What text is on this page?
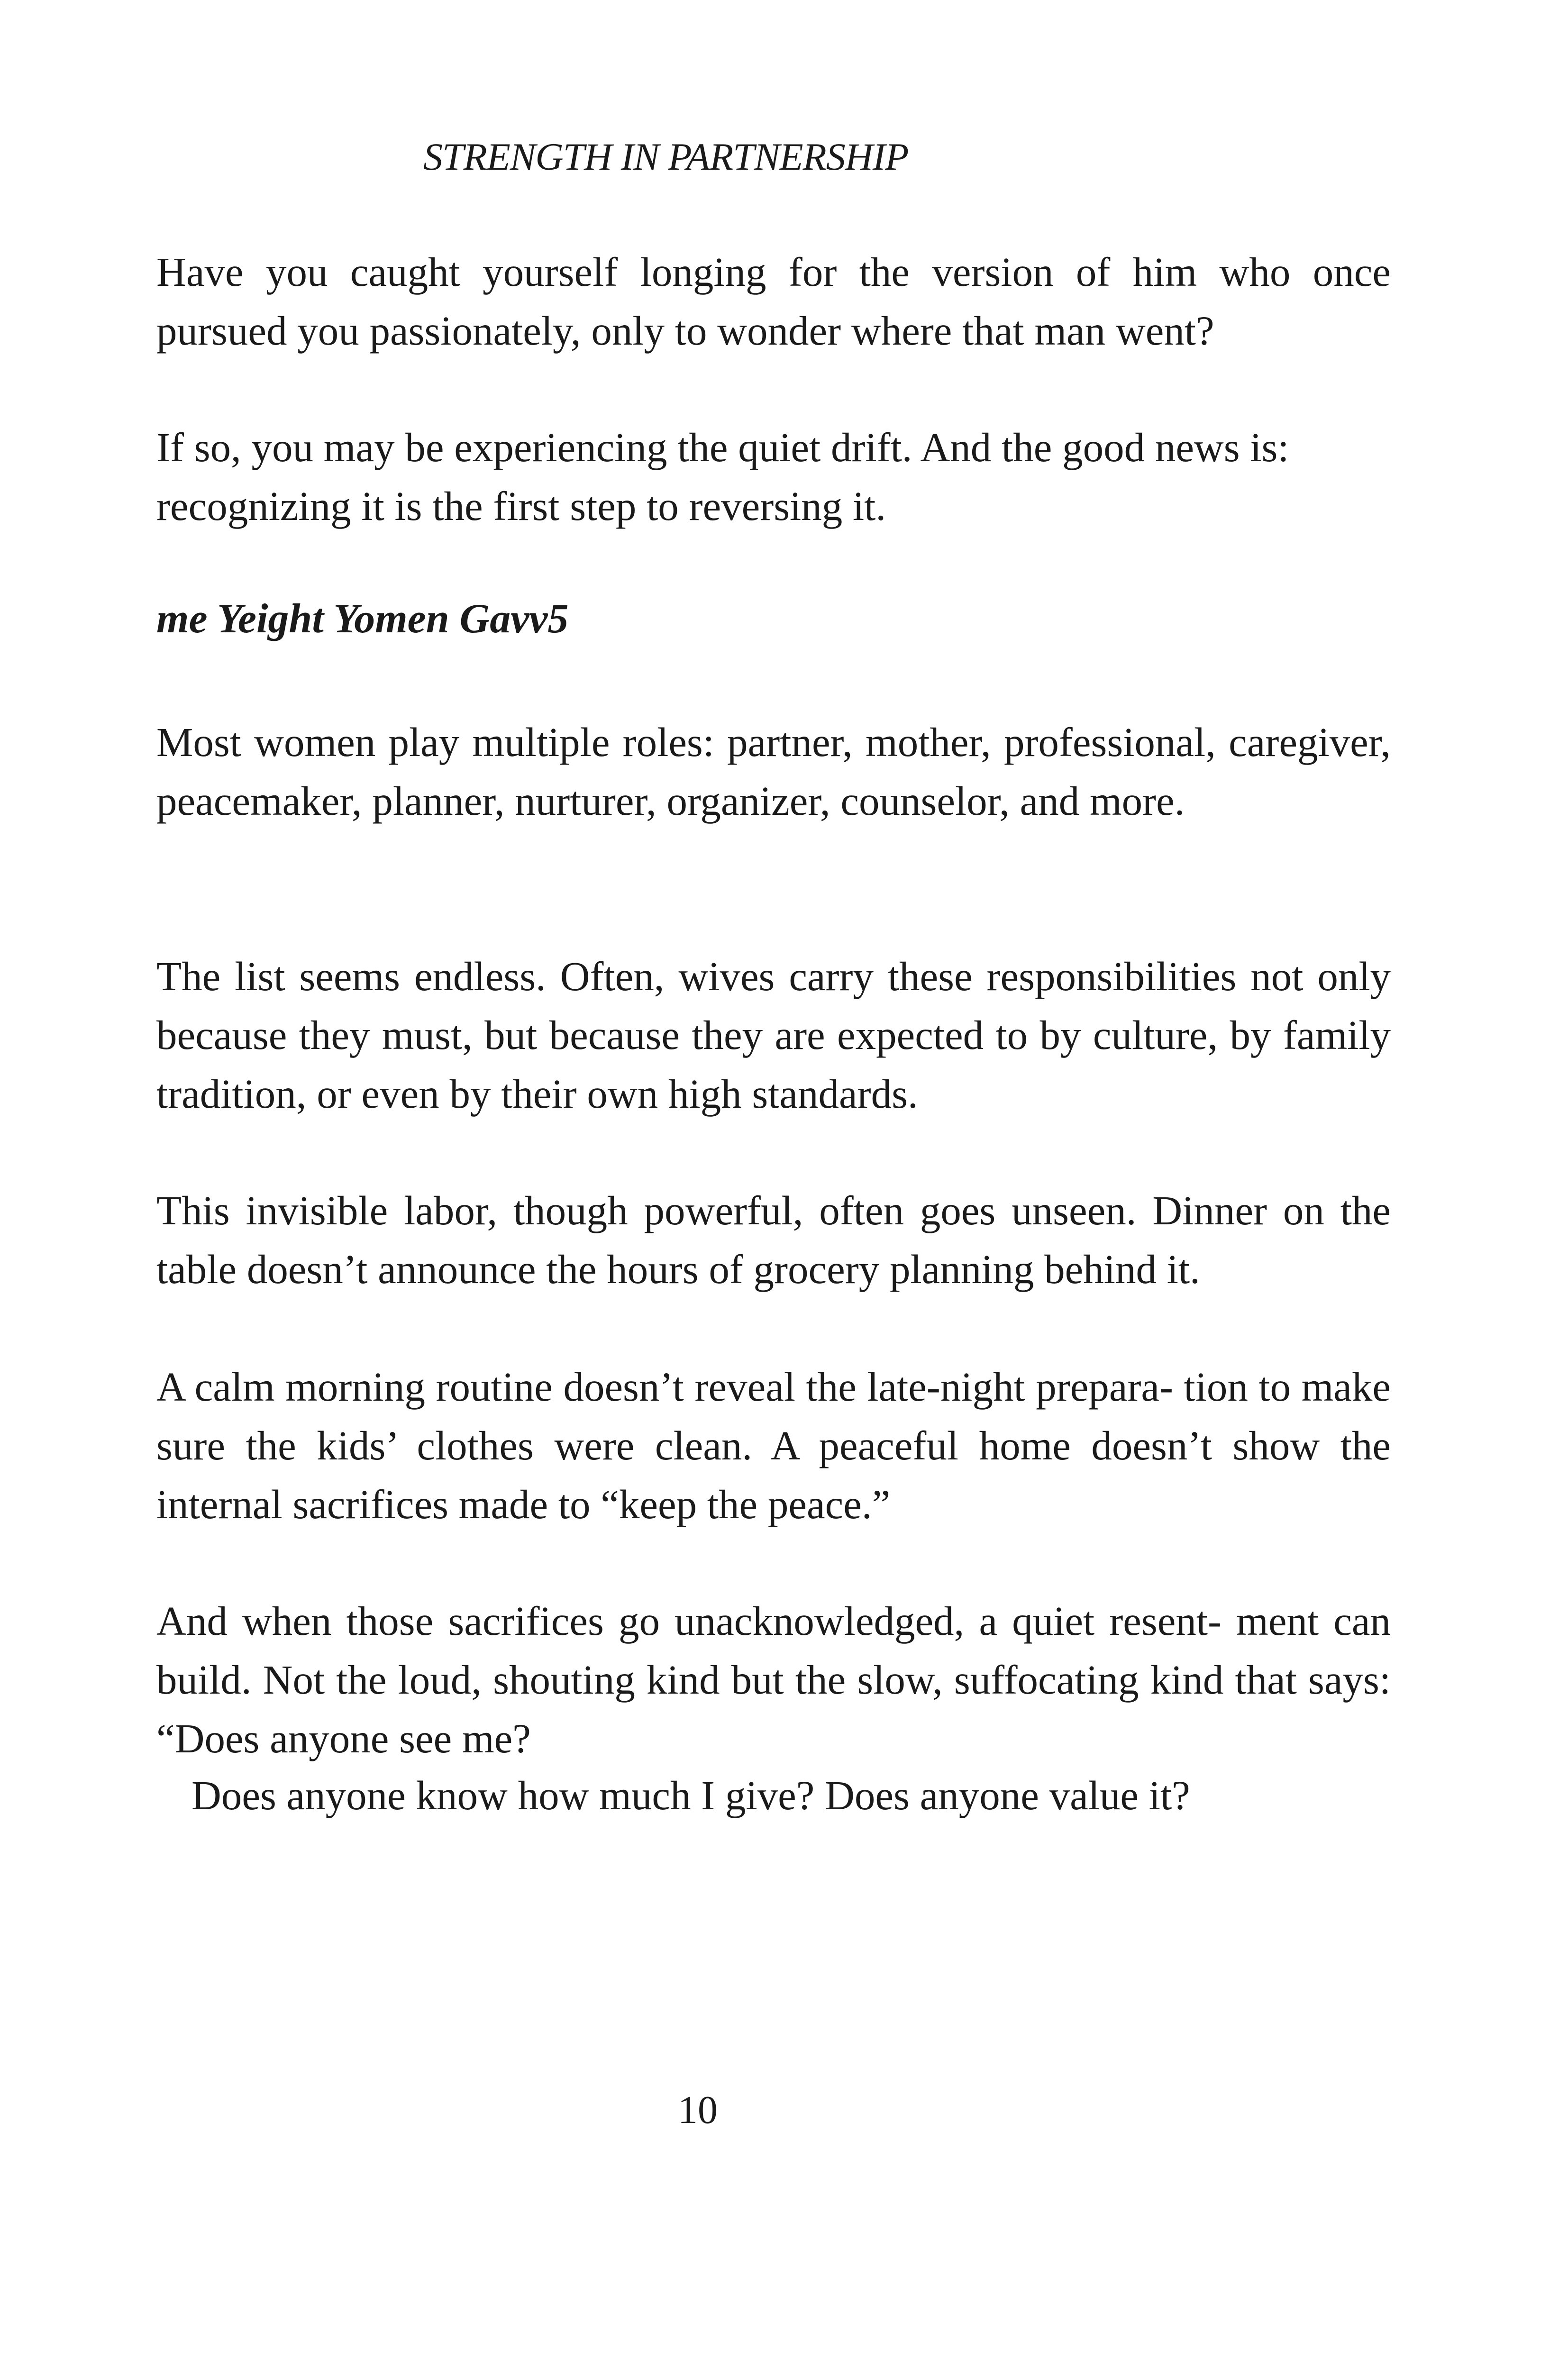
STRENGTH IN PARTNERSHIP

Have you caught yourself longing for the version of him who once pursued you passionately, only to wonder where that man went?

If so, you may be experiencing the quiet drift. And the good news is: recognizing it is the first step to reversing it.

me Yeight Yomen Gavv5

Most women play multiple roles: partner, mother, professional, caregiver, peacemaker, planner, nurturer, organizer, counselor, and more.

The list seems endless. Often, wives carry these responsibilities not only because they must, but because they are expected to by culture, by family tradition, or even by their own high standards.

This invisible labor, though powerful, often goes unseen. Dinner on the table doesn’t announce the hours of grocery planning behind it.

A calm morning routine doesn’t reveal the late-night prepara- tion to make sure the kids’ clothes were clean. A peaceful home doesn’t show the internal sacrifices made to “keep the peace.”

And when those sacrifices go unacknowledged, a quiet resent- ment can build. Not the loud, shouting kind but the slow, suffocating kind that says: “Does anyone see me?

Does anyone know how much I give? Does anyone value it?

10
